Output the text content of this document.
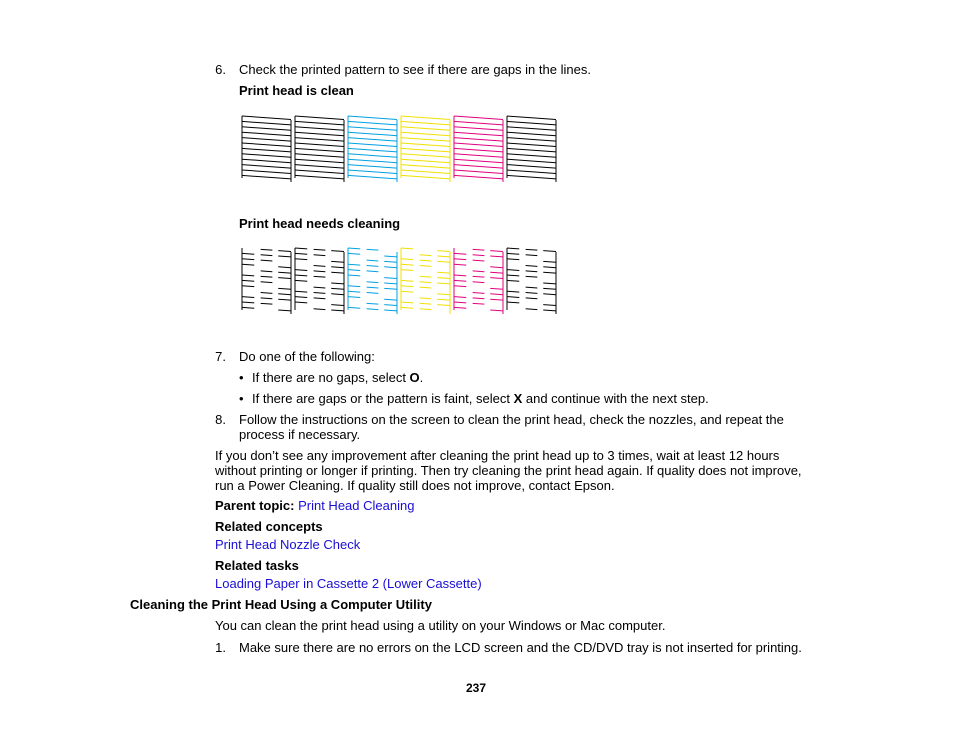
6. Check the printed pattern to see if there are gaps in the lines.
Print head is clean
Print head needs cleaning
7. Do one of the following:
• If there are no gaps, select O.
• If there are gaps or the pattern is faint, select X and continue with the next step.
8. Follow the instructions on the screen to clean the print head, check the nozzles, and repeat the
process if necessary.
If you don’t see any improvement after cleaning the print head up to 3 times, wait at least 12 hours
without printing or longer if printing. Then try cleaning the print head again. If quality does not improve,
run a Power Cleaning. If quality still does not improve, contact Epson.
Parent topic: Print Head Cleaning
Related concepts
Print Head Nozzle Check
Related tasks
Loading Paper in Cassette 2 (Lower Cassette)
Cleaning the Print Head Using a Computer Utility
You can clean the print head using a utility on your Windows or Mac computer.
1. Make sure there are no errors on the LCD screen and the CD/DVD tray is not inserted for printing.
237
